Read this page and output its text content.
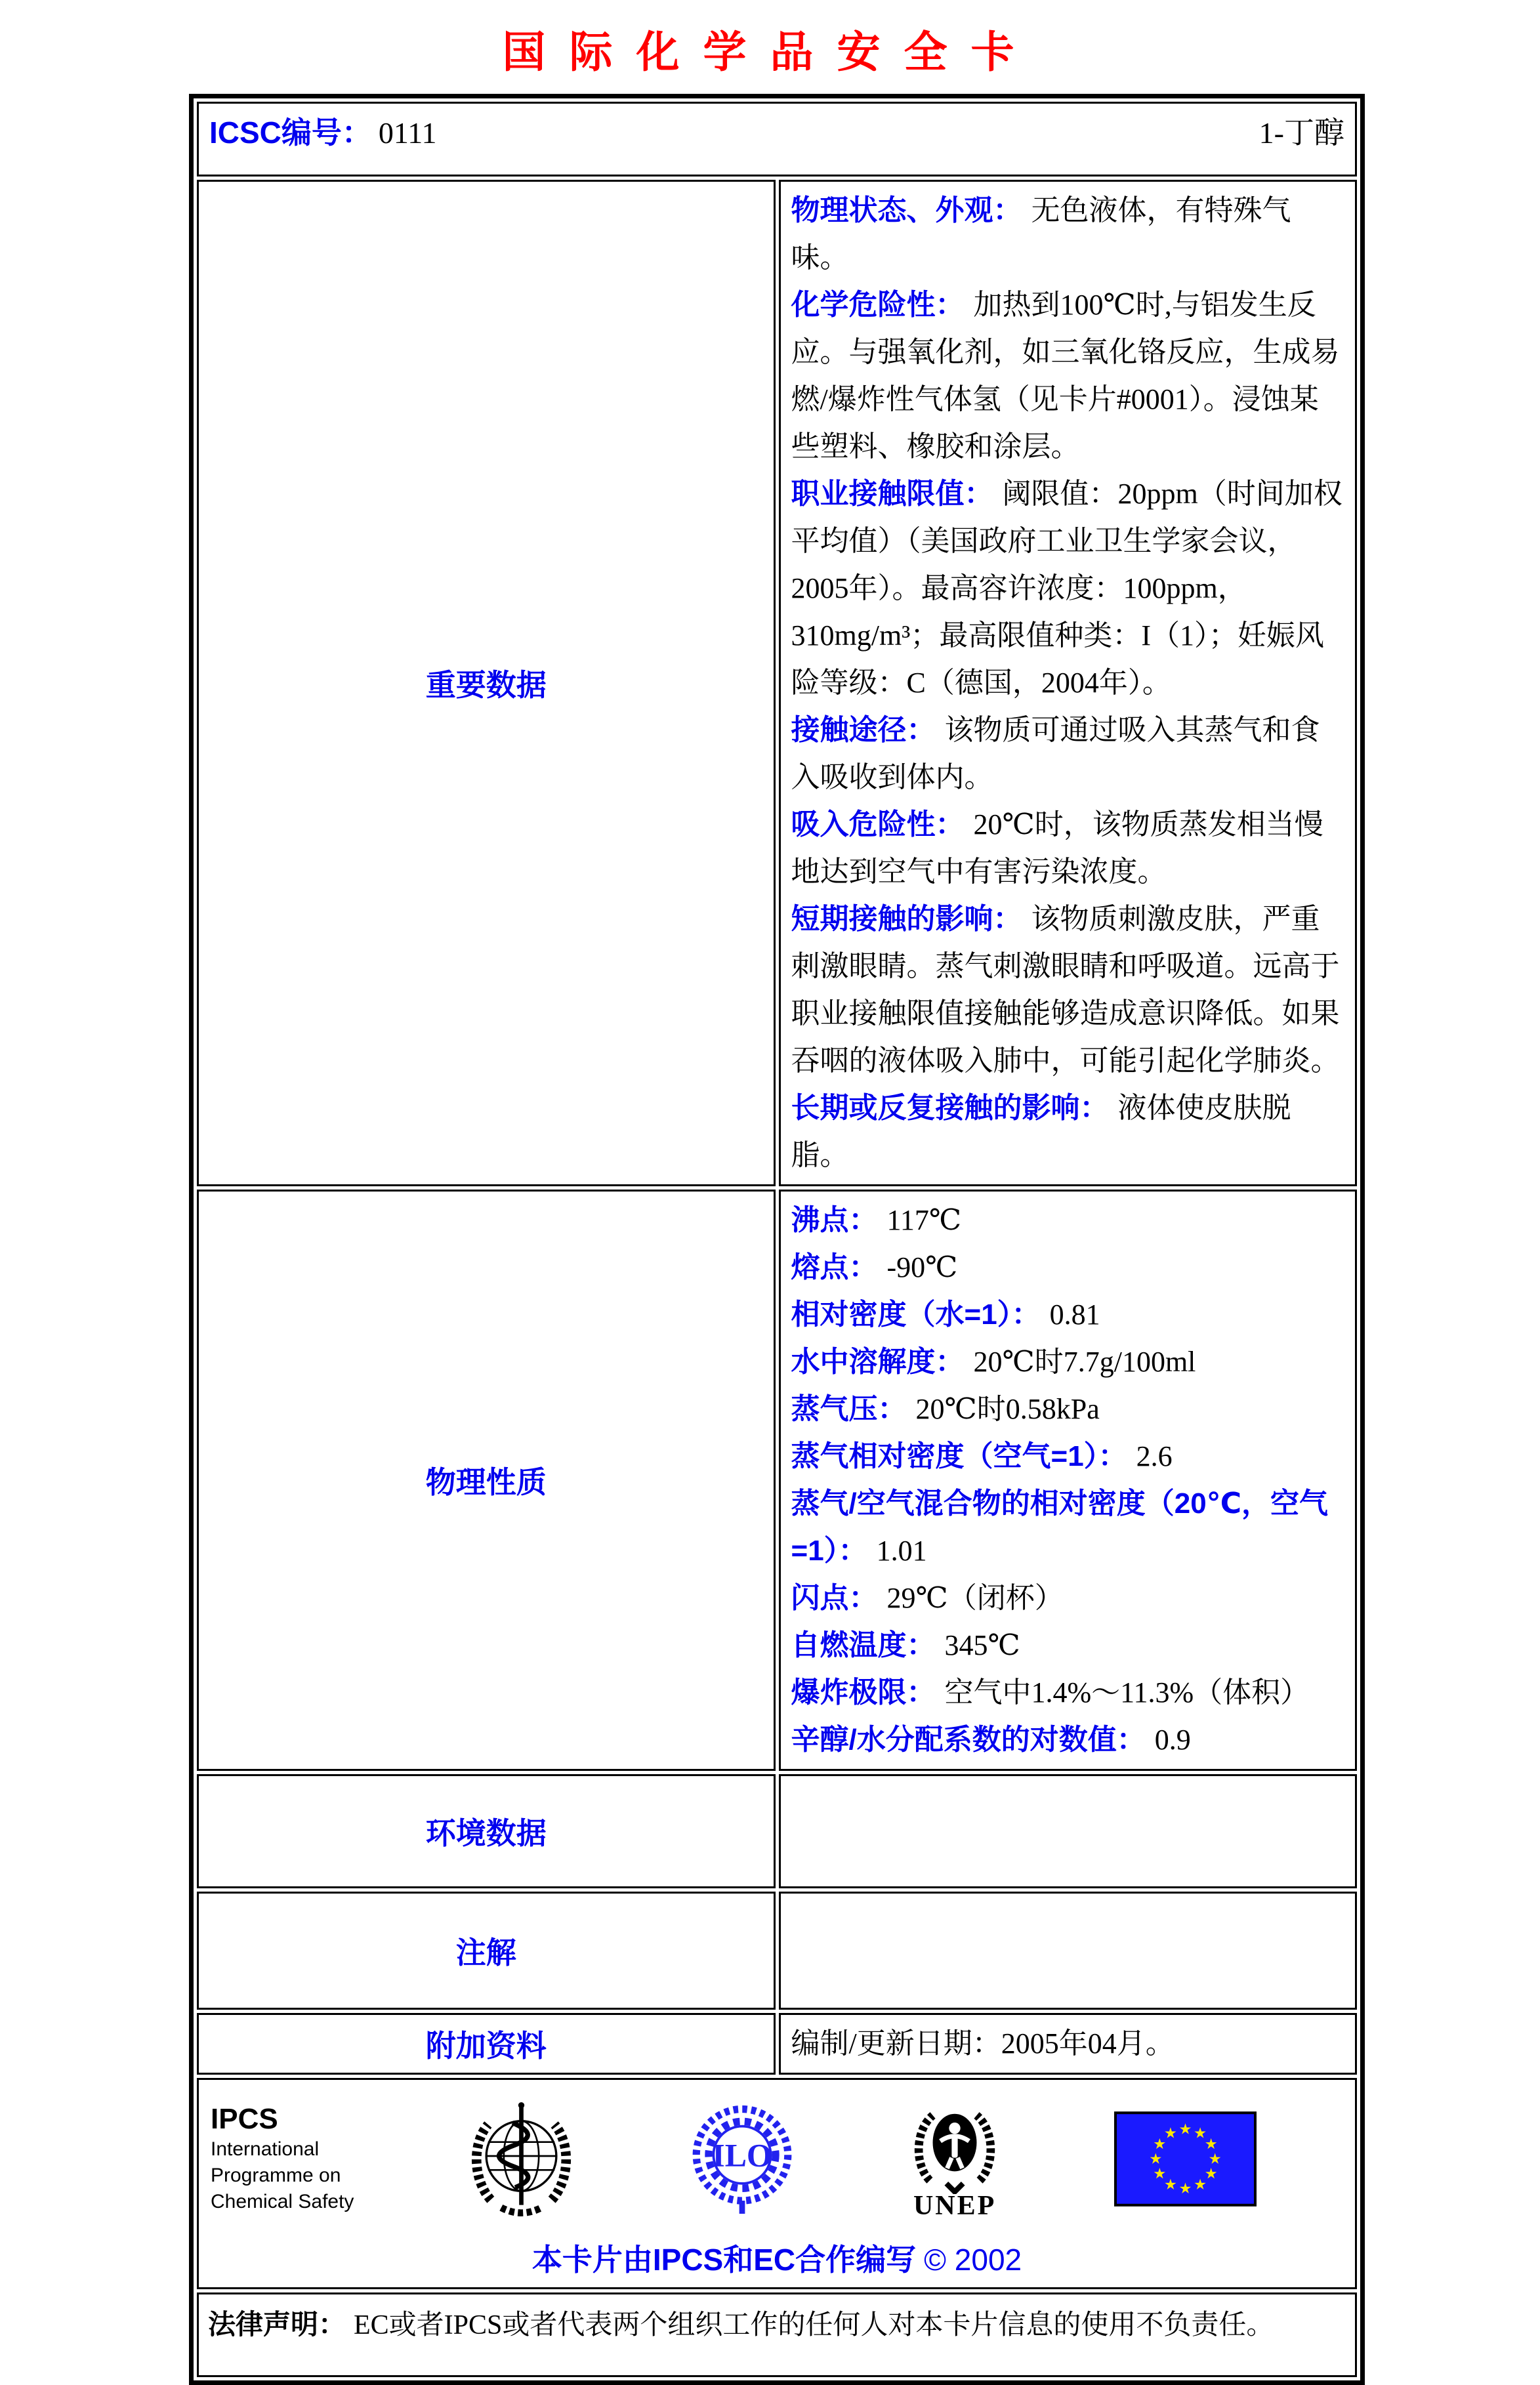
国际化学品安全卡
ICSC编号： 0111 1-丁醇	

重要数据	
物理状态、外观： 无色液体，有特殊气味。
化学危险性： 加热到100℃时,与铝发生反应。与强氧化剂，如三氧化铬反应，生成易燃/爆炸性气体氢（见卡片#0001）。浸蚀某些塑料、橡胶和涂层。
职业接触限值： 阈限值：20ppm（时间加权平均值）（美国政府工业卫生学家会议，2005年）。最高容许浓度：100ppm，310mg/m³；最高限值种类：I（1）；妊娠风险等级：C（德国，2004年）。
接触途径： 该物质可通过吸入其蒸气和食入吸收到体内。
吸入危险性： 20℃时，该物质蒸发相当慢地达到空气中有害污染浓度。
短期接触的影响： 该物质刺激皮肤，严重刺激眼睛。蒸气刺激眼睛和呼吸道。远高于职业接触限值接触能够造成意识降低。如果吞咽的液体吸入肺中，可能引起化学肺炎。
长期或反复接触的影响： 液体使皮肤脱脂。

物理性质	
沸点： 117℃
熔点： -90℃
相对密度（水=1）： 0.81
水中溶解度： 20℃时7.7g/100ml
蒸气压： 20℃时0.58kPa
蒸气相对密度（空气=1）： 2.6
蒸气/空气混合物的相对密度（20℃，空气=1）： 1.01
闪点： 29℃（闭杯）
自燃温度： 345℃
爆炸极限： 空气中1.4%～11.3%（体积）
辛醇/水分配系数的对数值： 0.9

环境数据	

注解	

附加资料	编制/更新日期：2005年04月。

IPCS
International
Programme on
Chemical Safety
ILO
UNEP
本卡片由IPCS和EC合作编写 © 2002

法律声明： EC或者IPCS或者代表两个组织工作的任何人对本卡片信息的使用不负责任。	
